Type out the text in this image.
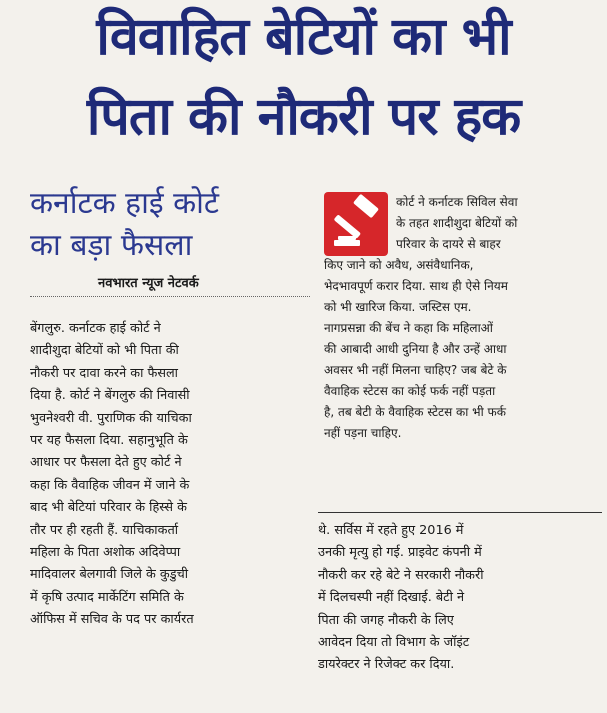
विवाहित बेटियों का भी
पिता की नौकरी पर हक
कर्नाटक हाई कोर्ट
का बड़ा फैसला
नवभारत न्यूज नेटवर्क
बेंगलुरु. कर्नाटक हाई कोर्ट ने
शादीशुदा बेटियों को भी पिता की
नौकरी पर दावा करने का फैसला
दिया है. कोर्ट ने बेंगलुरु की निवासी
भुवनेश्वरी वी. पुराणिक की याचिका
पर यह फैसला दिया. सहानुभूति के
आधार पर फैसला देते हुए कोर्ट ने
कहा कि वैवाहिक जीवन में जाने के
बाद भी बेटियां परिवार के हिस्से के
तौर पर ही रहती हैं. याचिकाकर्ता
महिला के पिता अशोक अदिवेप्पा
मादिवालर बेलगावी जिले के कुडुची
में कृषि उत्पाद मार्केटिंग समिति के
ऑफिस में सचिव के पद पर कार्यरत
कोर्ट ने कर्नाटक सिविल सेवा
के तहत शादीशुदा बेटियों को
परिवार के दायरे से बाहर
किए जाने को अवैध, असंवैधानिक,
भेदभावपूर्ण करार दिया. साथ ही ऐसे नियम
को भी खारिज किया. जस्टिस एम.
नागप्रसन्ना की बेंच ने कहा कि महिलाओं
की आबादी आधी दुनिया है और उन्हें आधा
अवसर भी नहीं मिलना चाहिए? जब बेटे के
वैवाहिक स्टेटस का कोई फर्क नहीं पड़ता
है, तब बेटी के वैवाहिक स्टेटस का भी फर्क
नहीं पड़ना चाहिए.
थे. सर्विस में रहते हुए 2016 में
उनकी मृत्यु हो गई. प्राइवेट कंपनी में
नौकरी कर रहे बेटे ने सरकारी नौकरी
में दिलचस्पी नहीं दिखाई. बेटी ने
पिता की जगह नौकरी के लिए
आवेदन दिया तो विभाग के जॉइंट
डायरेक्टर ने रिजेक्ट कर दिया.
